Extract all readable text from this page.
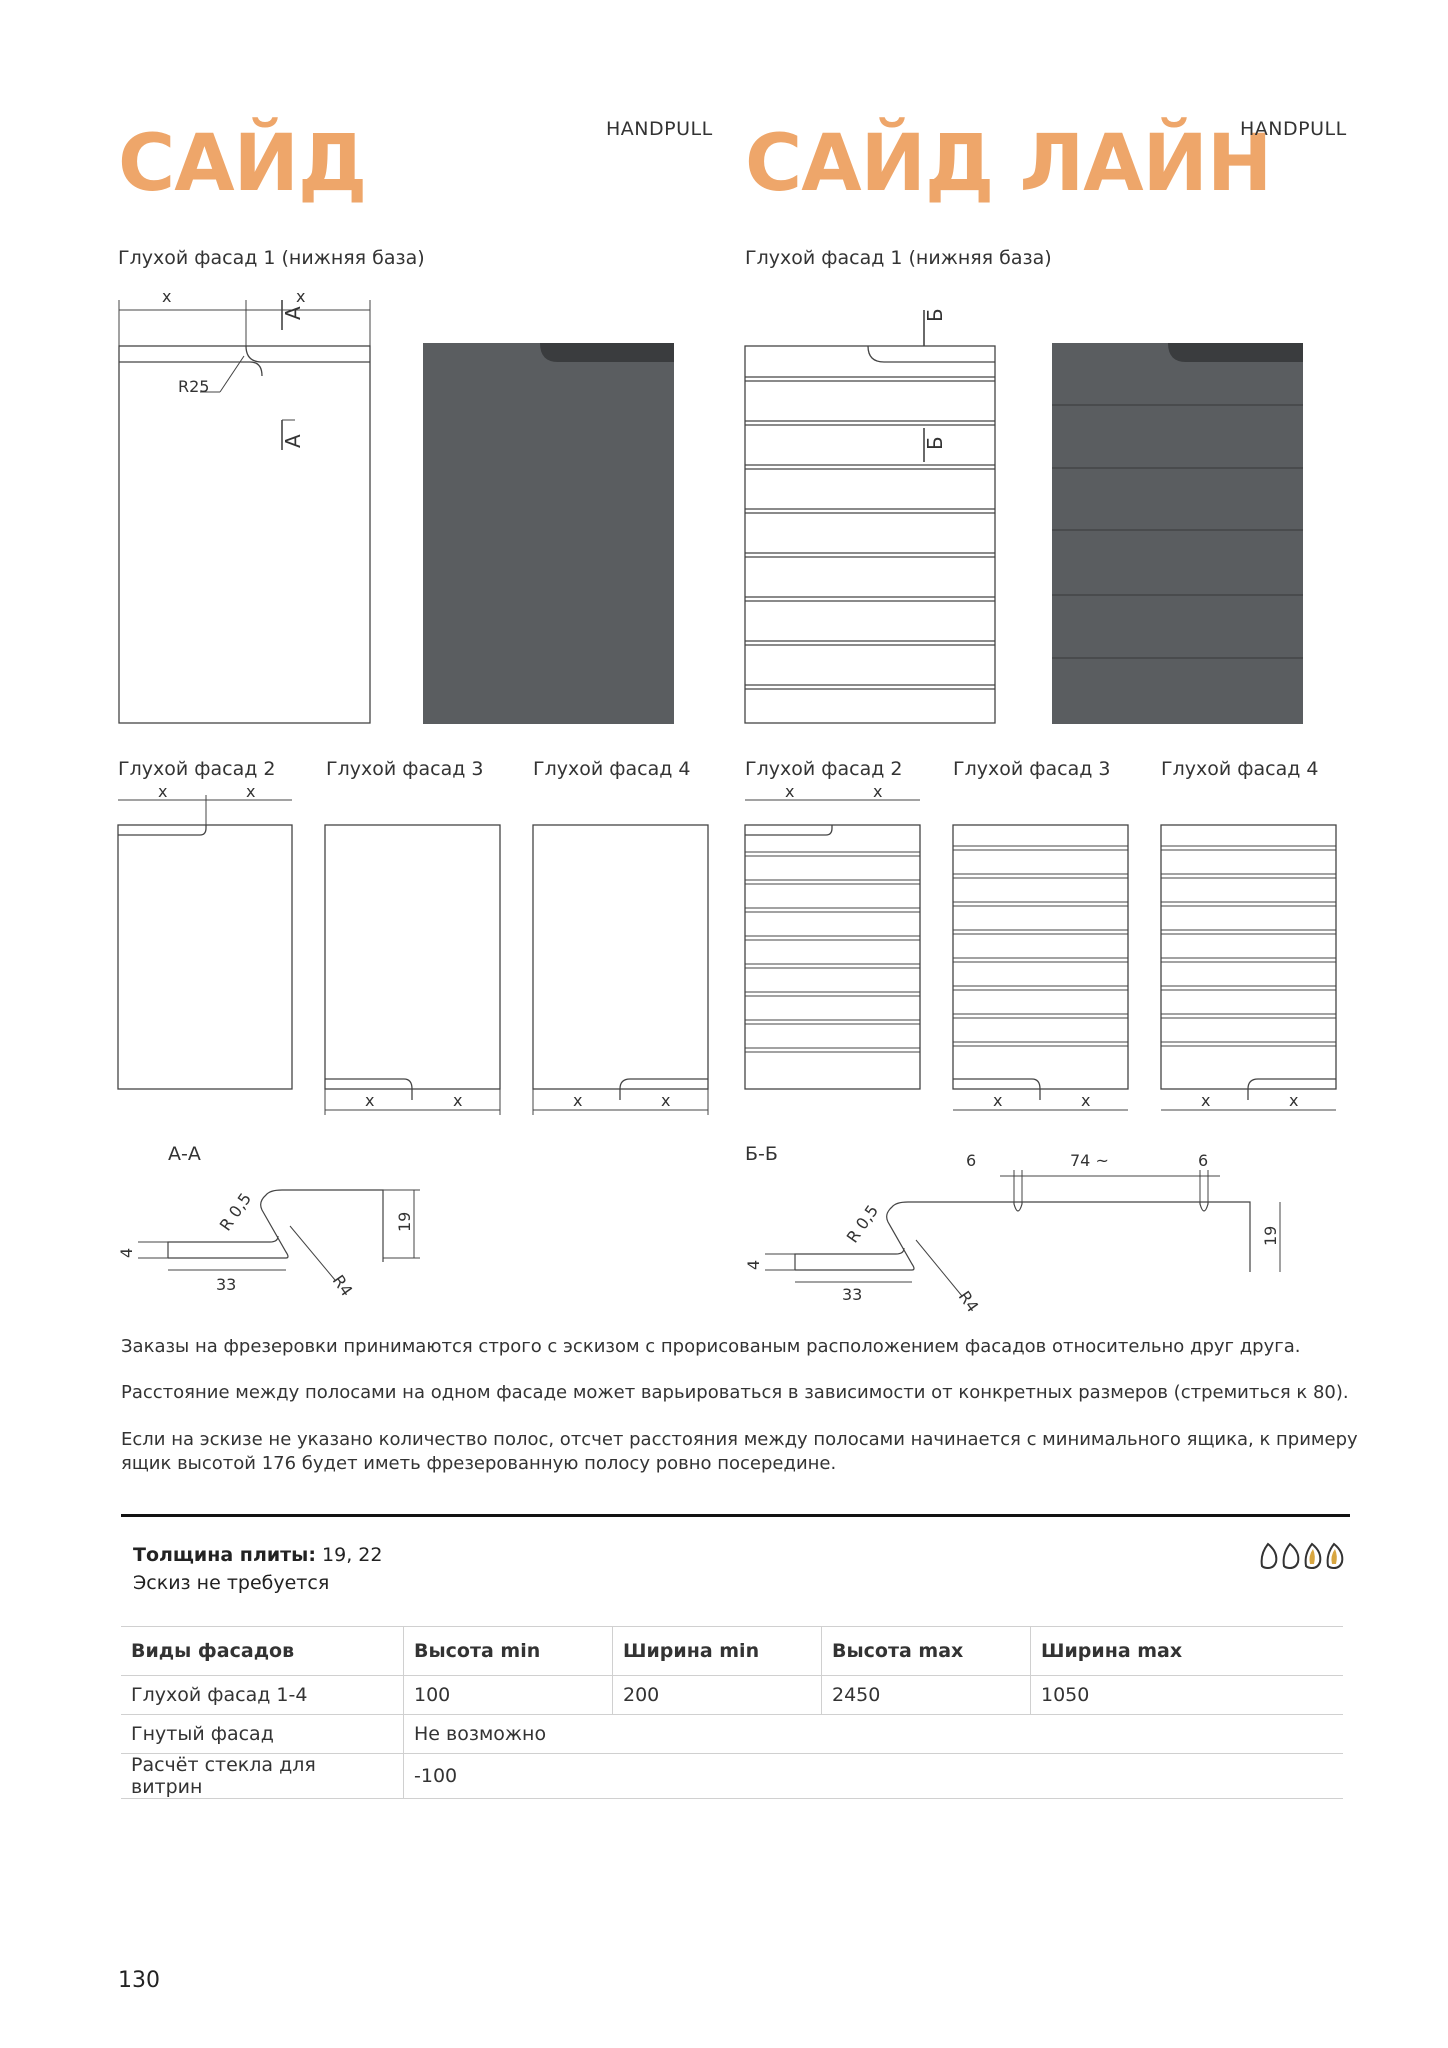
САЙД	HANDPULL САЙД ЛАЙН
HANDPULL
Глухой фасад 1 (нижняя база)	Глухой фасад 1 (нижняя база)
Глухой фасад 2	Глухой фасад 3	Глухой фасад 4	Глухой фасад 2	Глухой фасад 3	Глухой фасад 4
x	x
A
A
R25
x	x
x	x	x	x
Б
Б
x	x
x	x	x	x
А-А
R 0,5
R4
19
4
33
Б-Б
R 0,5
R4
19
4
33
6	74 ~	6
Заказы на фрезеровки принимаются строго с эскизом с прорисованым расположением фасадов относительно друг друга.
Расстояние между полосами на одном фасаде может варьироваться в зависимости от конкретных размеров (стремиться к 80).
Если на эскизе не указано количество полос, отсчет расстояния между полосами начинается с минимального ящика, к примеру ящик высотой 176 будет иметь фрезерованную полосу ровно посередине.
Толщина плиты: 19, 22
Эскиз не требуется
Виды фасадов	Высота min	Ширина min	Высота max	Ширина max
Глухой фасад 1-4	100	200	2450	1050
Гнутый фасад	Не возможно			
Расчёт стекла для витрин	-100			
130
